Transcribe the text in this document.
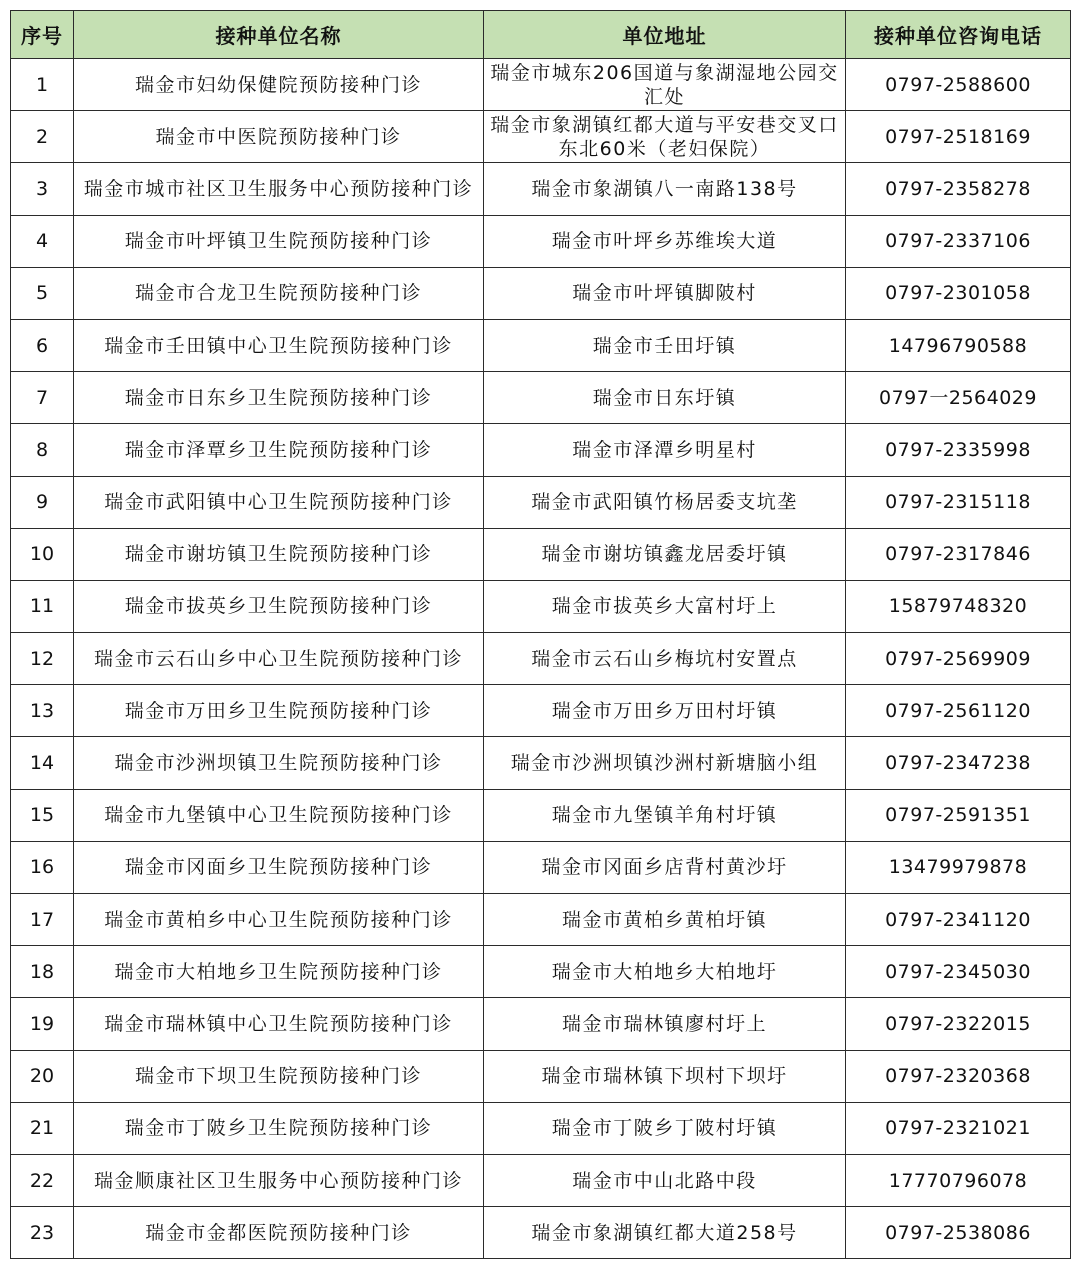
序号	接种单位名称	单位地址	接种单位咨询电话
1	瑞金市妇幼保健院预防接种门诊	瑞金市城东206国道与象湖湿地公园交汇处	0797-2588600
2	瑞金市中医院预防接种门诊	瑞金市象湖镇红都大道与平安巷交叉口东北60米（老妇保院）	0797-2518169
3	瑞金市城市社区卫生服务中心预防接种门诊	瑞金市象湖镇八一南路138号	0797-2358278
4	瑞金市叶坪镇卫生院预防接种门诊	瑞金市叶坪乡苏维埃大道	0797-2337106
5	瑞金市合龙卫生院预防接种门诊	瑞金市叶坪镇脚陂村	0797-2301058
6	瑞金市壬田镇中心卫生院预防接种门诊	瑞金市壬田圩镇	14796790588
7	瑞金市日东乡卫生院预防接种门诊	瑞金市日东圩镇	0797一2564029
8	瑞金市泽覃乡卫生院预防接种门诊	瑞金市泽潭乡明星村	0797-2335998
9	瑞金市武阳镇中心卫生院预防接种门诊	瑞金市武阳镇竹杨居委支坑垄	0797-2315118
10	瑞金市谢坊镇卫生院预防接种门诊	瑞金市谢坊镇鑫龙居委圩镇	0797-2317846
11	瑞金市拔英乡卫生院预防接种门诊	瑞金市拔英乡大富村圩上	15879748320
12	瑞金市云石山乡中心卫生院预防接种门诊	瑞金市云石山乡梅坑村安置点	0797-2569909
13	瑞金市万田乡卫生院预防接种门诊	瑞金市万田乡万田村圩镇	0797-2561120
14	瑞金市沙洲坝镇卫生院预防接种门诊	瑞金市沙洲坝镇沙洲村新塘脑小组	0797-2347238
15	瑞金市九堡镇中心卫生院预防接种门诊	瑞金市九堡镇羊角村圩镇	0797-2591351
16	瑞金市冈面乡卫生院预防接种门诊	瑞金市冈面乡店背村黄沙圩	13479979878
17	瑞金市黄柏乡中心卫生院预防接种门诊	瑞金市黄柏乡黄柏圩镇	0797-2341120
18	瑞金市大柏地乡卫生院预防接种门诊	瑞金市大柏地乡大柏地圩	0797-2345030
19	瑞金市瑞林镇中心卫生院预防接种门诊	瑞金市瑞林镇廖村圩上	0797-2322015
20	瑞金市下坝卫生院预防接种门诊	瑞金市瑞林镇下坝村下坝圩	0797-2320368
21	瑞金市丁陂乡卫生院预防接种门诊	瑞金市丁陂乡丁陂村圩镇	0797-2321021
22	瑞金顺康社区卫生服务中心预防接种门诊	瑞金市中山北路中段	17770796078
23	瑞金市金都医院预防接种门诊	瑞金市象湖镇红都大道258号	0797-2538086
